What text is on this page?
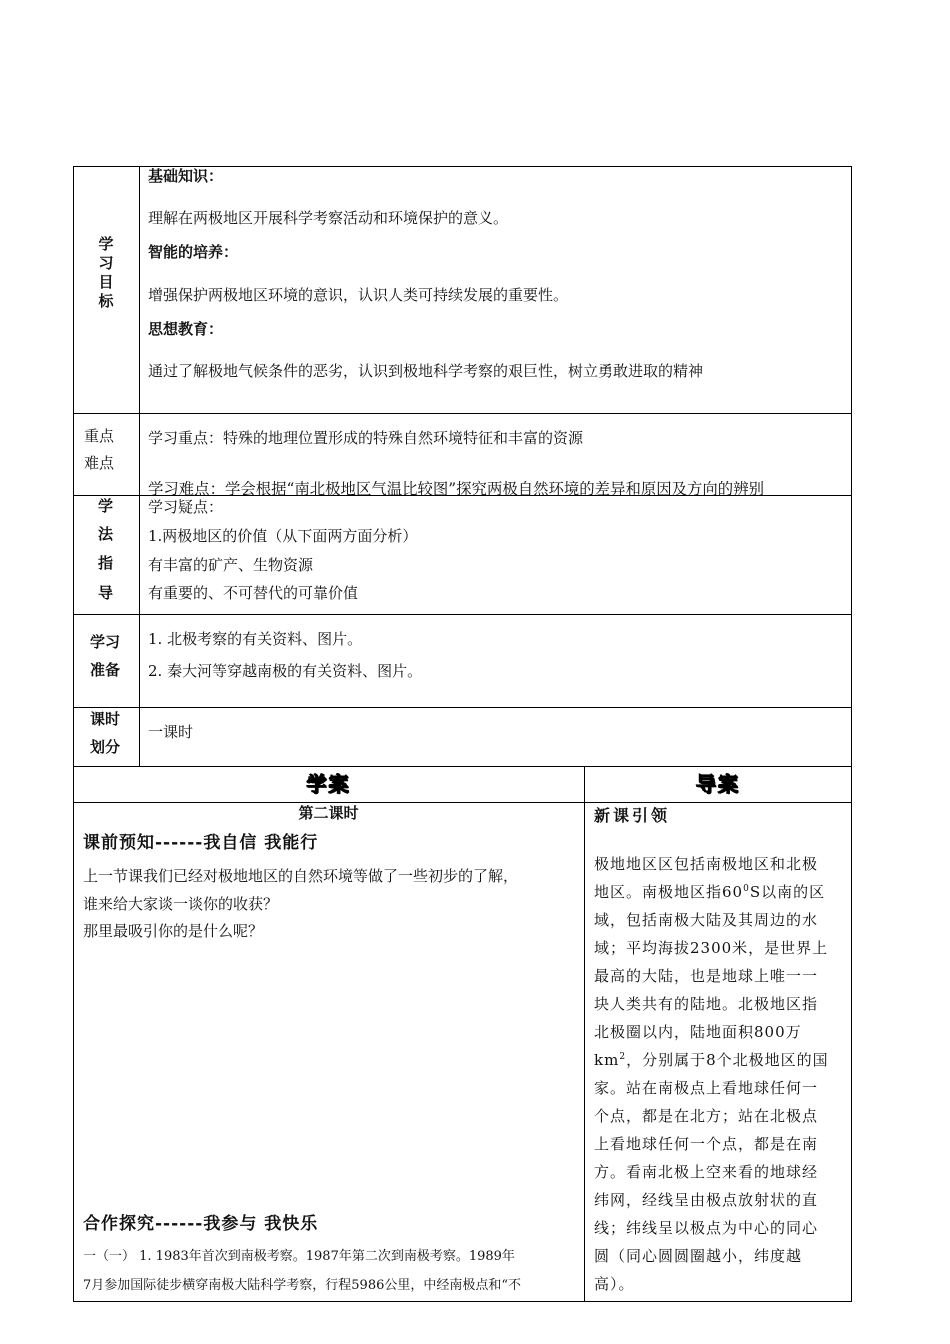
学习目标
基础知识：
理解在两极地区开展科学考察活动和环境保护的意义。
智能的培养：
增强保护两极地区环境的意识，认识人类可持续发展的重要性。
思想教育：
通过了解极地气候条件的恶劣，认识到极地科学考察的艰巨性，树立勇敢进取的精神
重点
难点
学习重点：特殊的地理位置形成的特殊自然环境特征和丰富的资源
学习难点：学会根据“南北极地区气温比较图”探究两极自然环境的差异和原因及方向的辨别
学
法
指
导
学习疑点：
1.两极地区的价值（从下面两方面分析）
有丰富的矿产、生物资源
有重要的、不可替代的可靠价值
学习
准备
1. 北极考察的有关资料、图片。
2. 秦大河等穿越南极的有关资料、图片。
课时
划分
一课时
学案	导案
第二课时
课前预知------我自信 我能行
上一节课我们已经对极地地区的自然环境等做了一些初步的了解，
谁来给大家谈一谈你的收获？
那里最吸引你的是什么呢？
合作探究------我参与 我快乐
一（一） 1. 1983年首次到南极考察。1987年第二次到南极考察。1989年
7月参加国际徒步横穿南极大陆科学考察，行程5986公里，中经南极点和“不
新课引领
极地地区区包括南极地区和北极
地区。南极地区指$60^0S$以南的区
域，包括南极大陆及其周边的水
域；平均海拔2300米，是世界上
最高的大陆，也是地球上唯一一
块人类共有的陆地。北极地区指
北极圈以内，陆地面积800万
$km^2$，分别属于8个北极地区的国
家。站在南极点上看地球任何一
个点，都是在北方；站在北极点
上看地球任何一个点，都是在南
方。看南北极上空来看的地球经
纬网，经线呈由极点放射状的直
线；纬线呈以极点为中心的同心
圆（同心圆圆圈越小，纬度越
高）。
